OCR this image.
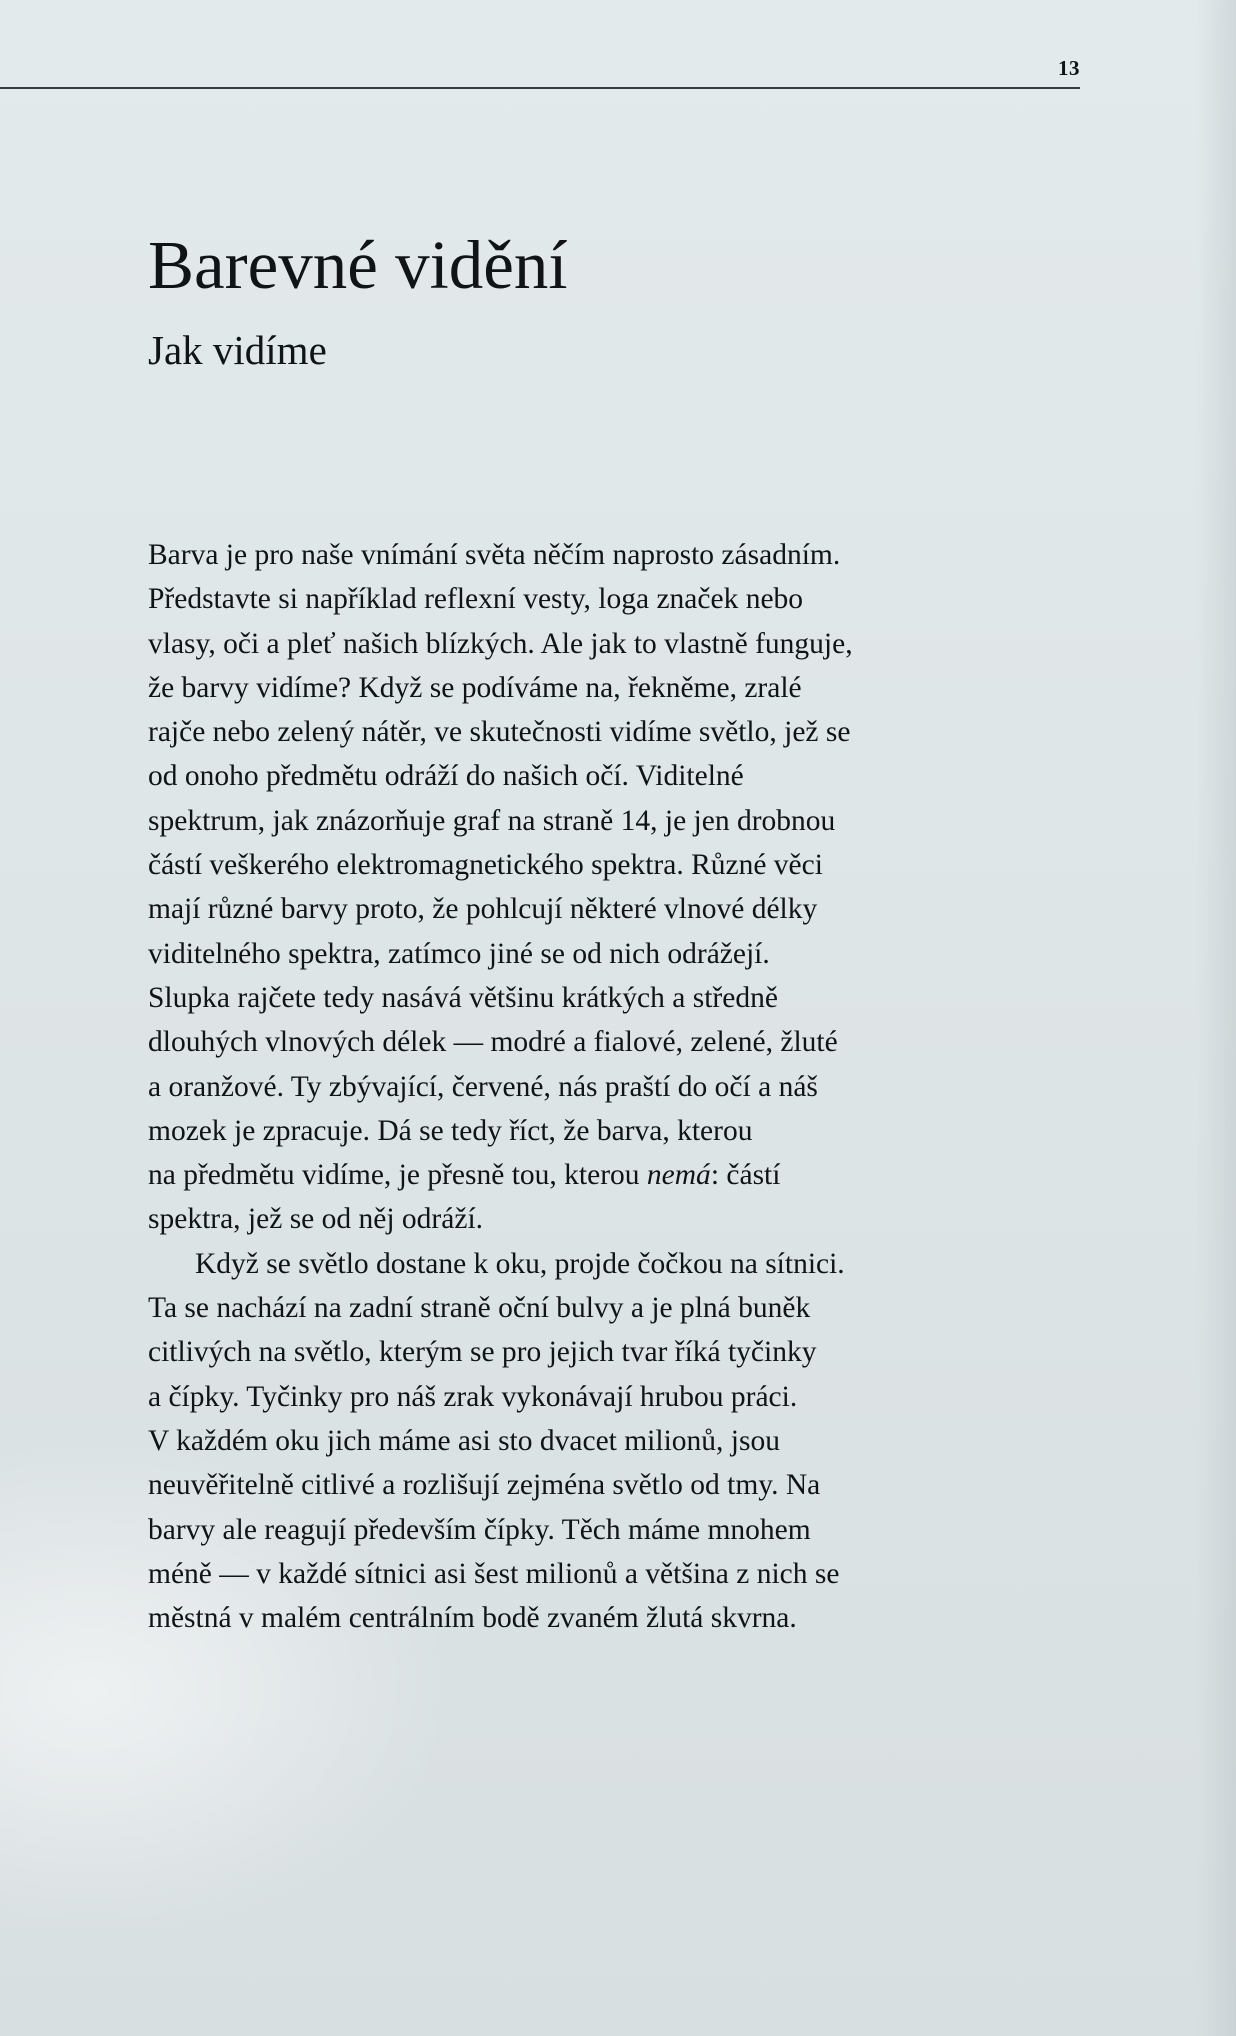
13
Barevné vidění
Jak vidíme

Barva je pro naše vnímání světa něčím naprosto zásadním.
Představte si například reflexní vesty, loga značek nebo
vlasy, oči a pleť našich blízkých. Ale jak to vlastně funguje,
že barvy vidíme? Když se podíváme na, řekněme, zralé
rajče nebo zelený nátěr, ve skutečnosti vidíme světlo, jež se
od onoho předmětu odráží do našich očí. Viditelné
spektrum, jak znázorňuje graf na straně 14, je jen drobnou
částí veškerého elektromagnetického spektra. Různé věci
mají různé barvy proto, že pohlcují některé vlnové délky
viditelného spektra, zatímco jiné se od nich odrážejí.
Slupka rajčete tedy nasává většinu krátkých a středně
dlouhých vlnových délek — modré a fialové, zelené, žluté
a oranžové. Ty zbývající, červené, nás praští do očí a náš
mozek je zpracuje. Dá se tedy říct, že barva, kterou
na předmětu vidíme, je přesně tou, kterou nemá: částí
spektra, jež se od něj odráží.

Když se světlo dostane k oku, projde čočkou na sítnici.
Ta se nachází na zadní straně oční bulvy a je plná buněk
citlivých na světlo, kterým se pro jejich tvar říká tyčinky
a čípky. Tyčinky pro náš zrak vykonávají hrubou práci.
V každém oku jich máme asi sto dvacet milionů, jsou
neuvěřitelně citlivé a rozlišují zejména světlo od tmy. Na
barvy ale reagují především čípky. Těch máme mnohem
méně — v každé sítnici asi šest milionů a většina z nich se
městná v malém centrálním bodě zvaném žlutá skvrna.
